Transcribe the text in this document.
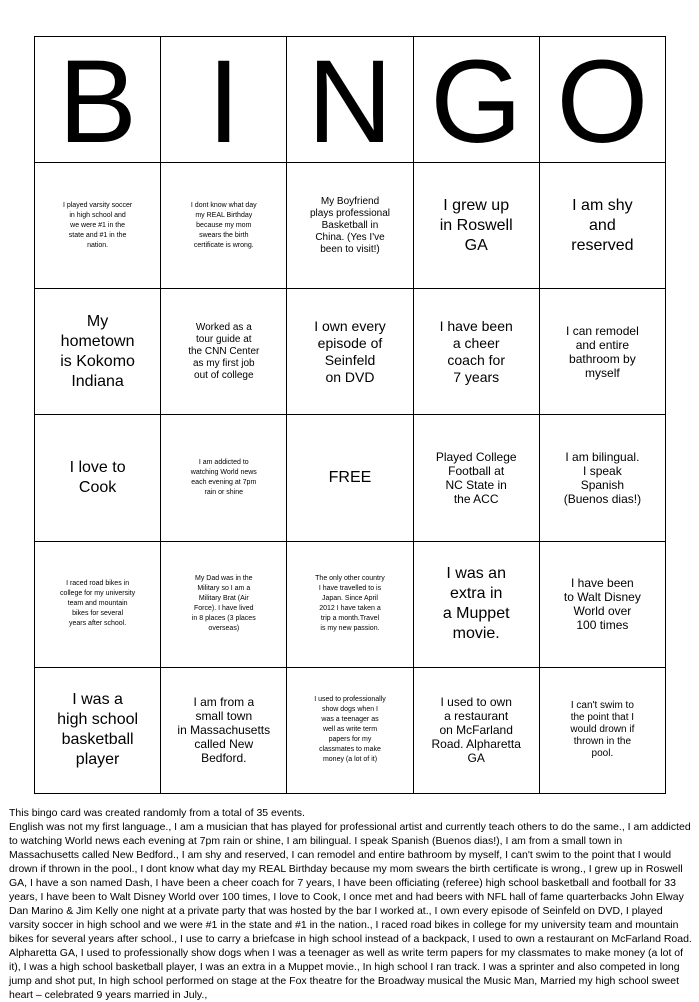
B I N G O
I played varsity soccer
in high school and
we were #1 in the
state and #1 in the
nation.
I dont know what day
my REAL Birthday
because my mom
swears the birth
certificate is wrong.
My Boyfriend
plays professional
Basketball in
China. (Yes I've
been to visit!)
I grew up
in Roswell
GA
I am shy
and
reserved
My
hometown
is Kokomo
Indiana
Worked as a
tour guide at
the CNN Center
as my first job
out of college
I own every
episode of
Seinfeld
on DVD
I have been
a cheer
coach for
7 years
I can remodel
and entire
bathroom by
myself
I love to
Cook
I am addicted to
watching World news
each evening at 7pm
rain or shine
FREE
Played College
Football at
NC State in
the ACC
I am bilingual.
I speak
Spanish
(Buenos dias!)
I raced road bikes in
college for my university
team and mountain
bikes for several
years after school.
My Dad was in the
Military so I am a
Military Brat (Air
Force). I have lived
in 8 places (3 places
overseas)
The only other country
I have travelled to is
Japan. Since April
2012 I have taken a
trip a month.Travel
is my new passion.
I was an
extra in
a Muppet
movie.
I have been
to Walt Disney
World over
100 times
I was a
high school
basketball
player
I am from a
small town
in Massachusetts
called New
Bedford.
I used to professionally
show dogs when I
was a teenager as
well as write term
papers for my
classmates to make
money (a lot of it)
I used to own
a restaurant
on McFarland
Road. Alpharetta
GA
I can't swim to
the point that I
would drown if
thrown in the
pool.

This bingo card was created randomly from a total of 35 events.

English was not my first language., I am a musician that has played for professional artist and currently teach others to do the same., I am addicted to watching World news each evening at 7pm rain or shine, I am bilingual. I speak Spanish (Buenos dias!), I am from a small town in Massachusetts called New Bedford., I am shy and reserved, I can remodel and entire bathroom by myself, I can't swim to the point that I would drown if thrown in the pool., I dont know what day my REAL Birthday because my mom swears the birth certificate is wrong., I grew up in Roswell GA, I have a son named Dash, I have been a cheer coach for 7 years, I have been officiating (referee) high school basketball and football for 33 years, I have been to Walt Disney World over 100 times, I love to Cook, I once met and had beers with NFL hall of fame quarterbacks John Elway Dan Marino & Jim Kelly one night at a private party that was hosted by the bar I worked at., I own every episode of Seinfeld on DVD, I played varsity soccer in high school and we were #1 in the state and #1 in the nation., I raced road bikes in college for my university team and mountain bikes for several years after school., I use to carry a briefcase in high school instead of a backpack, I used to own a restaurant on McFarland Road. Alpharetta GA, I used to professionally show dogs when I was a teenager as well as write term papers for my classmates to make money (a lot of it), I was a high school basketball player, I was an extra in a Muppet movie., In high school I ran track. I was a sprinter and also competed in long jump and shot put, In high school performed on stage at the Fox theatre for the Broadway musical the Music Man, Married my high school sweet heart – celebrated 9 years married in July.,
